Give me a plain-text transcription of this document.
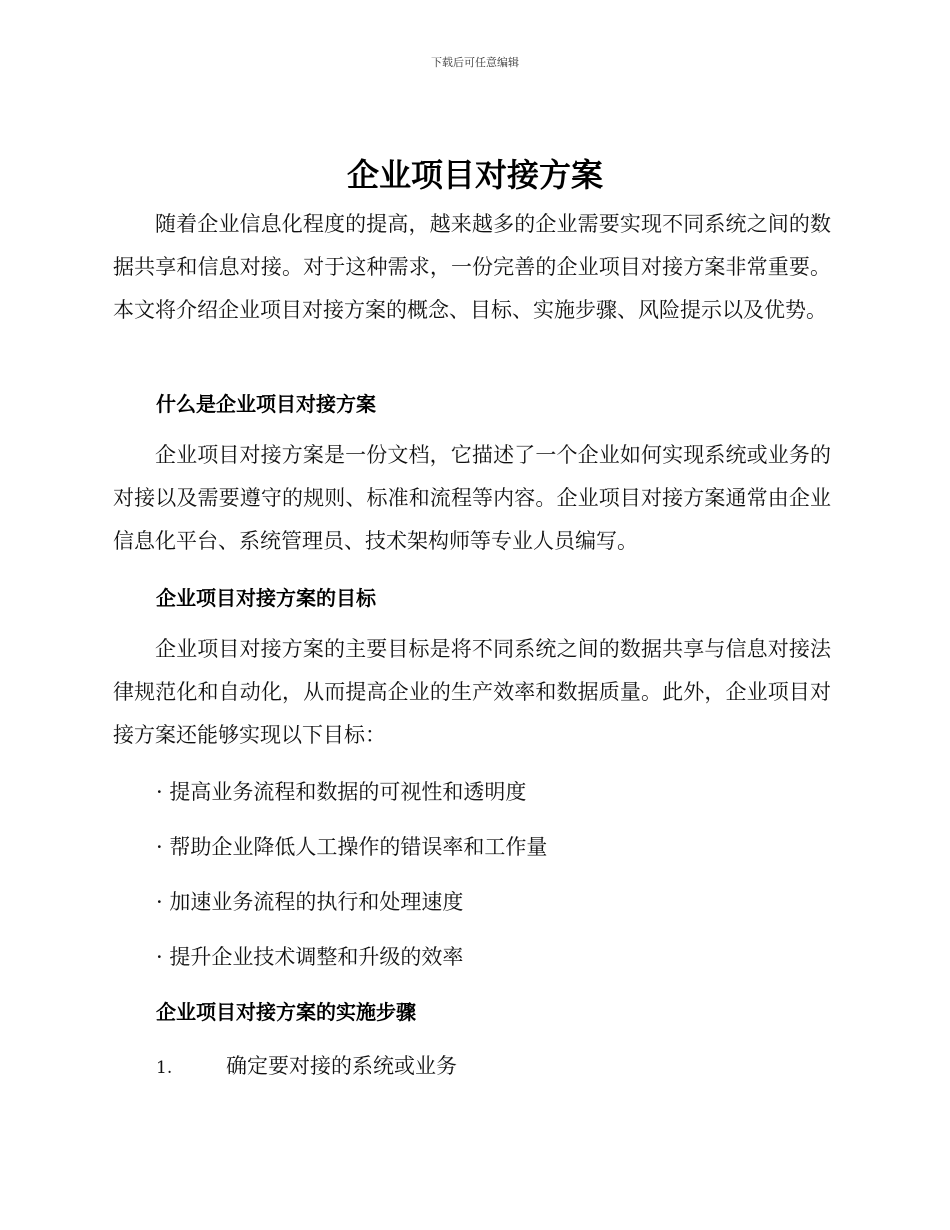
下载后可任意编辑
企业项目对接方案

随着企业信息化程度的提高，越来越多的企业需要实现不同系统之间的数据共享和信息对接。对于这种需求，一份完善的企业项目对接方案非常重要。本文将介绍企业项目对接方案的概念、目标、实施步骤、风险提示以及优势。

什么是企业项目对接方案

企业项目对接方案是一份文档，它描述了一个企业如何实现系统或业务的对接以及需要遵守的规则、标准和流程等内容。企业项目对接方案通常由企业信息化平台、系统管理员、技术架构师等专业人员编写。

企业项目对接方案的目标

企业项目对接方案的主要目标是将不同系统之间的数据共享与信息对接法律规范化和自动化，从而提高企业的生产效率和数据质量。此外，企业项目对接方案还能够实现以下目标：

· 提高业务流程和数据的可视性和透明度

· 帮助企业降低人工操作的错误率和工作量

· 加速业务流程的执行和处理速度

· 提升企业技术调整和升级的效率

企业项目对接方案的实施步骤

1.	确定要对接的系统或业务
